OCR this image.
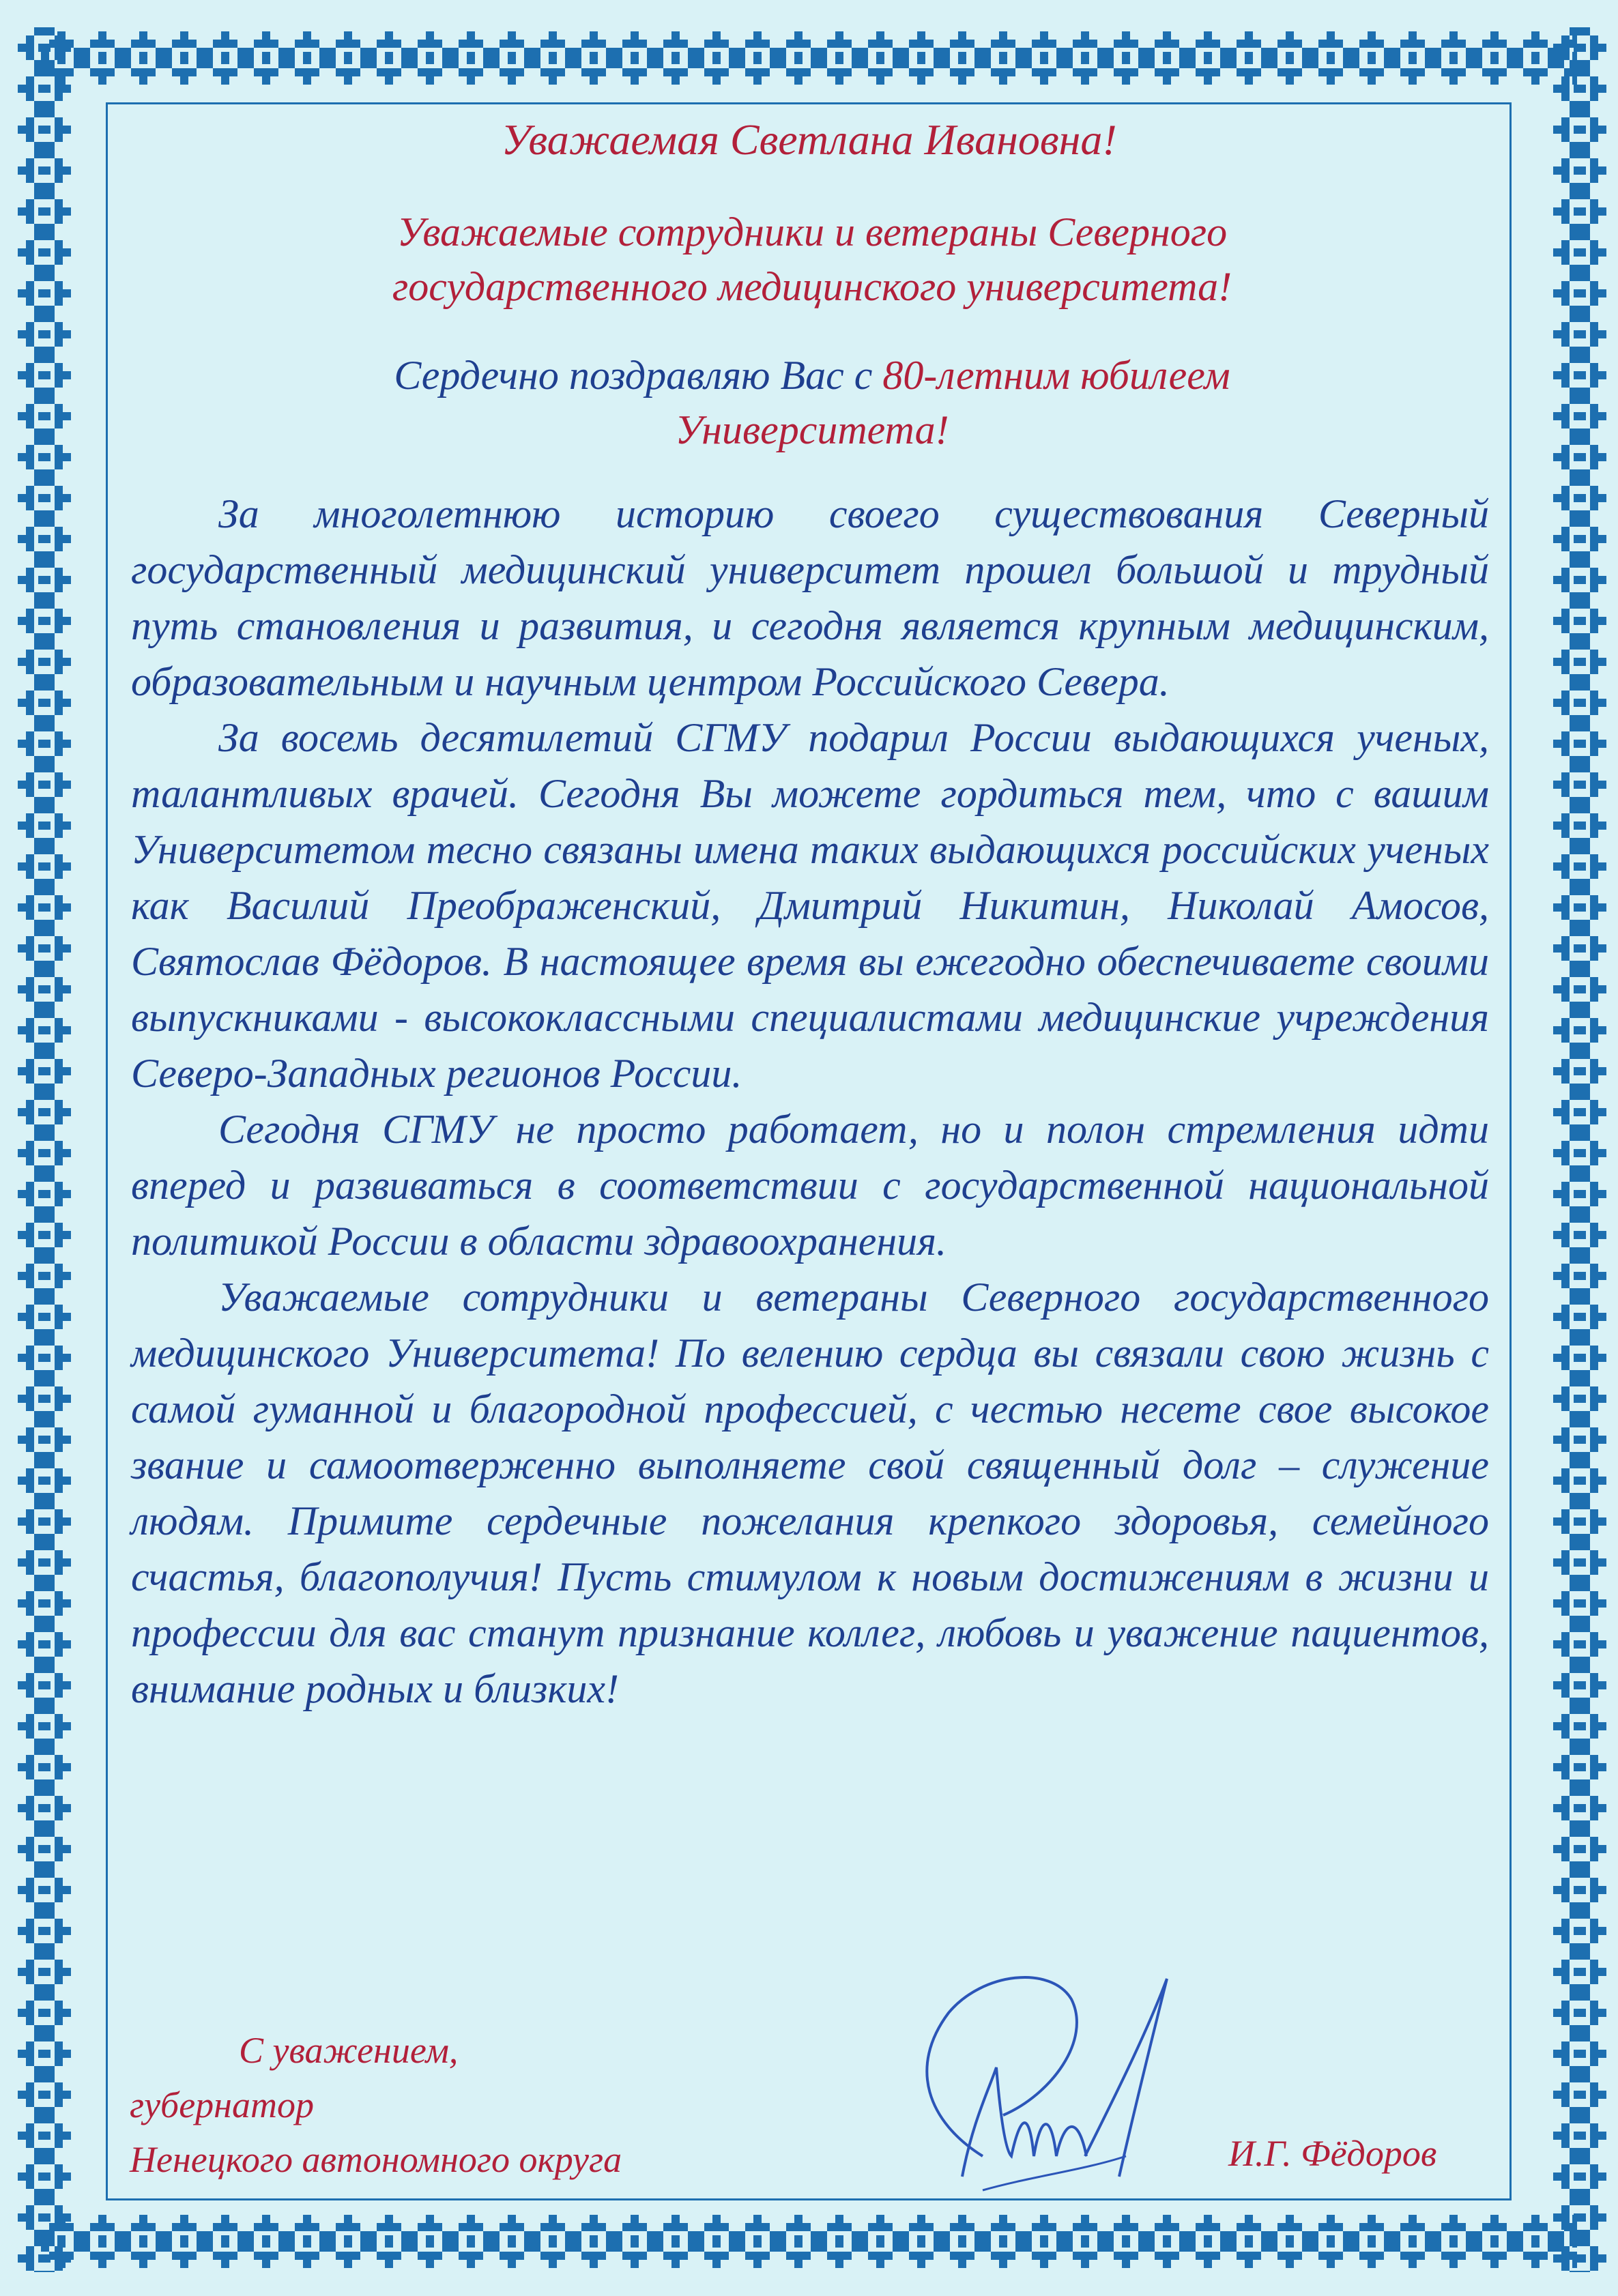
Уважаемая Светлана Ивановна!
Уважаемые сотрудники и ветераны Северного
государственного медицинского университета!
Сердечно поздравляю Вас с 80-летним юбилеем
Университета!

За многолетнюю историю своего существования Северный государственный медицинский университет прошел большой и трудный путь становления и развития, и сегодня является крупным медицинским, образовательным и научным центром Российского Севера.

За восемь десятилетий СГМУ подарил России выдающихся ученых, талантливых врачей. Сегодня Вы можете гордиться тем, что с вашим Университетом тесно связаны имена таких выдающихся российских ученых как Василий Преображенский, Дмитрий Никитин, Николай Амосов, Святослав Фёдоров. В настоящее время вы ежегодно обеспечиваете своими выпускниками - высококлассными специалистами медицинские учреждения Северо-Западных регионов России.

Сегодня СГМУ не просто работает, но и полон стремления идти вперед и развиваться в соответствии с государственной национальной политикой России в области здравоохранения.

Уважаемые сотрудники и ветераны Северного государственного медицинского Университета! По велению сердца вы связали свою жизнь с самой гуманной и благородной профессией, с честью несете свое высокое звание и самоотверженно выполняете свой священный долг – служение людям. Примите сердечные пожелания крепкого здоровья, семейного счастья, благополучия! Пусть стимулом к новым достижениям в жизни и профессии для вас станут признание коллег, любовь и уважение пациентов, внимание родных и близких!

С уважением,
губернатор
Ненецкого автономного округа	И.Г. Фёдоров
